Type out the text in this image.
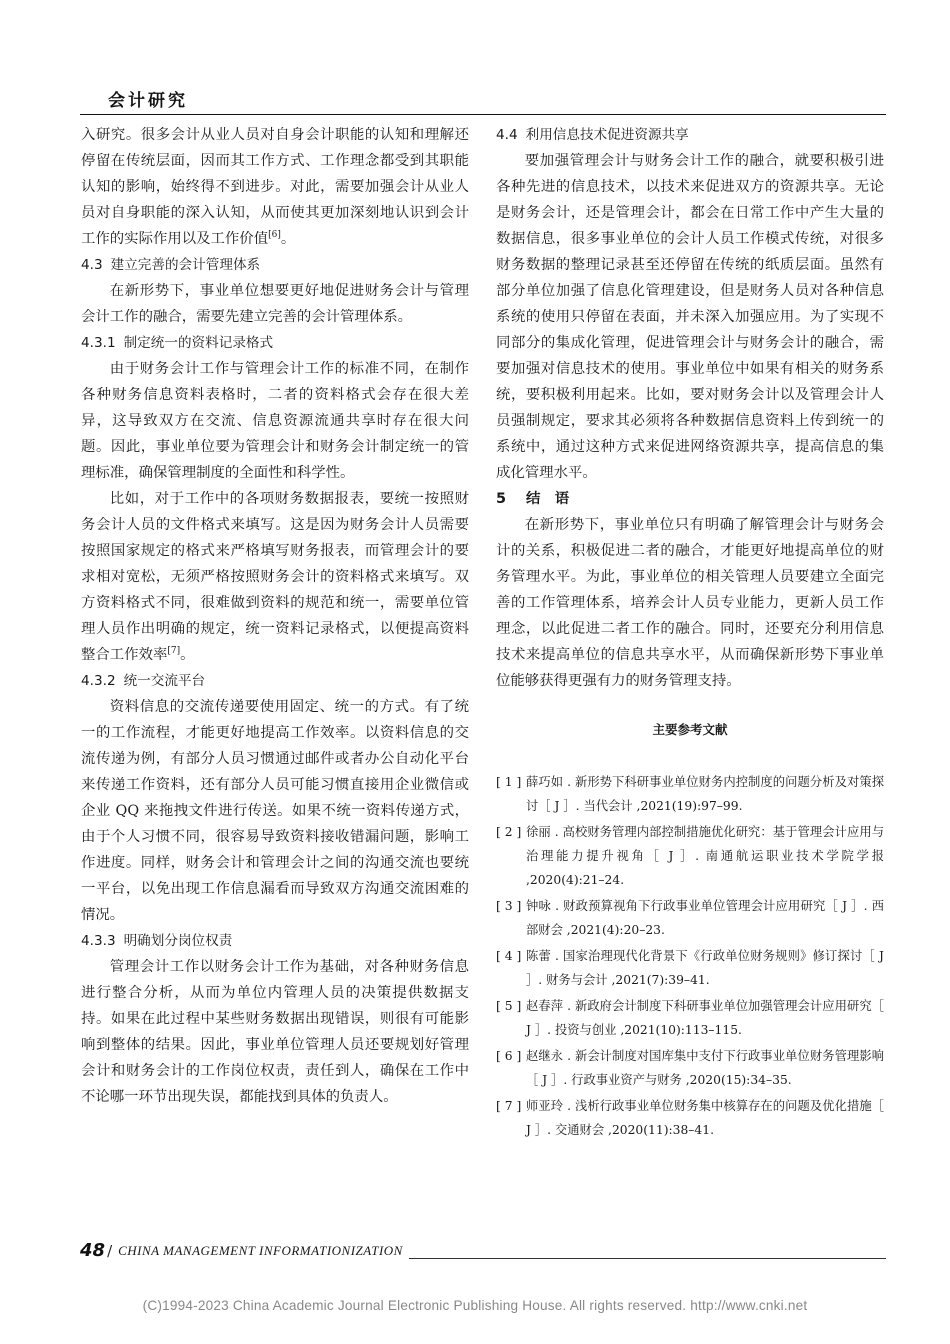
会计研究

入研究。很多会计从业人员对自身会计职能的认知和理解还停留在传统层面，因而其工作方式、工作理念都受到其职能认知的影响，始终得不到进步。对此，需要加强会计从业人员对自身职能的深入认知，从而使其更加深刻地认识到会计工作的实际作用以及工作价值[6]。

4.3 建立完善的会计管理体系

在新形势下，事业单位想要更好地促进财务会计与管理会计工作的融合，需要先建立完善的会计管理体系。

4.3.1 制定统一的资料记录格式

由于财务会计工作与管理会计工作的标准不同，在制作各种财务信息资料表格时，二者的资料格式会存在很大差异，这导致双方在交流、信息资源流通共享时存在很大问题。因此，事业单位要为管理会计和财务会计制定统一的管理标准，确保管理制度的全面性和科学性。

比如，对于工作中的各项财务数据报表，要统一按照财务会计人员的文件格式来填写。这是因为财务会计人员需要按照国家规定的格式来严格填写财务报表，而管理会计的要求相对宽松，无须严格按照财务会计的资料格式来填写。双方资料格式不同，很难做到资料的规范和统一，需要单位管理人员作出明确的规定，统一资料记录格式，以便提高资料整合工作效率[7]。

4.3.2 统一交流平台

资料信息的交流传递要使用固定、统一的方式。有了统一的工作流程，才能更好地提高工作效率。以资料信息的交流传递为例，有部分人员习惯通过邮件或者办公自动化平台来传递工作资料，还有部分人员可能习惯直接用企业微信或企业 QQ 来拖拽文件进行传送。如果不统一资料传递方式，由于个人习惯不同，很容易导致资料接收错漏问题，影响工作进度。同样，财务会计和管理会计之间的沟通交流也要统一平台，以免出现工作信息漏看而导致双方沟通交流困难的情况。

4.3.3 明确划分岗位权责

管理会计工作以财务会计工作为基础，对各种财务信息进行整合分析，从而为单位内管理人员的决策提供数据支持。如果在此过程中某些财务数据出现错误，则很有可能影响到整体的结果。因此，事业单位管理人员还要规划好管理会计和财务会计的工作岗位权责，责任到人，确保在工作中不论哪一环节出现失误，都能找到具体的负责人。

4.4 利用信息技术促进资源共享

要加强管理会计与财务会计工作的融合，就要积极引进各种先进的信息技术，以技术来促进双方的资源共享。无论是财务会计，还是管理会计，都会在日常工作中产生大量的数据信息，很多事业单位的会计人员工作模式传统，对很多财务数据的整理记录甚至还停留在传统的纸质层面。虽然有部分单位加强了信息化管理建设，但是财务人员对各种信息系统的使用只停留在表面，并未深入加强应用。为了实现不同部分的集成化管理，促进管理会计与财务会计的融合，需要加强对信息技术的使用。事业单位中如果有相关的财务系统，要积极利用起来。比如，要对财务会计以及管理会计人员强制规定，要求其必须将各种数据信息资料上传到统一的系统中，通过这种方式来促进网络资源共享，提高信息的集成化管理水平。

5 结　语

在新形势下，事业单位只有明确了解管理会计与财务会计的关系，积极促进二者的融合，才能更好地提高单位的财务管理水平。为此，事业单位的相关管理人员要建立全面完善的工作管理体系，培养会计人员专业能力，更新人员工作理念，以此促进二者工作的融合。同时，还要充分利用信息技术来提高单位的信息共享水平，从而确保新形势下事业单位能够获得更强有力的财务管理支持。

主要参考文献
[ 1 ] 薛巧如 . 新形势下科研事业单位财务内控制度的问题分析及对策探讨［ J ］. 当代会计 ,2021(19):97–99.
[ 2 ] 徐丽 . 高校财务管理内部控制措施优化研究：基于管理会计应用与治理能力提升视角［ J ］. 南通航运职业技术学院学报 ,2020(4):21–24.
[ 3 ] 钟咏 . 财政预算视角下行政事业单位管理会计应用研究［ J ］. 西部财会 ,2021(4):20–23.
[ 4 ] 陈蕾 . 国家治理现代化背景下《行政单位财务规则》修订探讨［ J ］. 财务与会计 ,2021(7):39–41.
[ 5 ] 赵春萍 . 新政府会计制度下科研事业单位加强管理会计应用研究［ J ］. 投资与创业 ,2021(10):113–115.
[ 6 ] 赵继永 . 新会计制度对国库集中支付下行政事业单位财务管理影响［ J ］. 行政事业资产与财务 ,2020(15):34–35.
[ 7 ] 师亚玲 . 浅析行政事业单位财务集中核算存在的问题及优化措施［ J ］. 交通财会 ,2020(11):38–41.
48 / CHINA MANAGEMENT INFORMATIONIZATION
(C)1994-2023 China Academic Journal Electronic Publishing House. All rights reserved. http://www.cnki.net
